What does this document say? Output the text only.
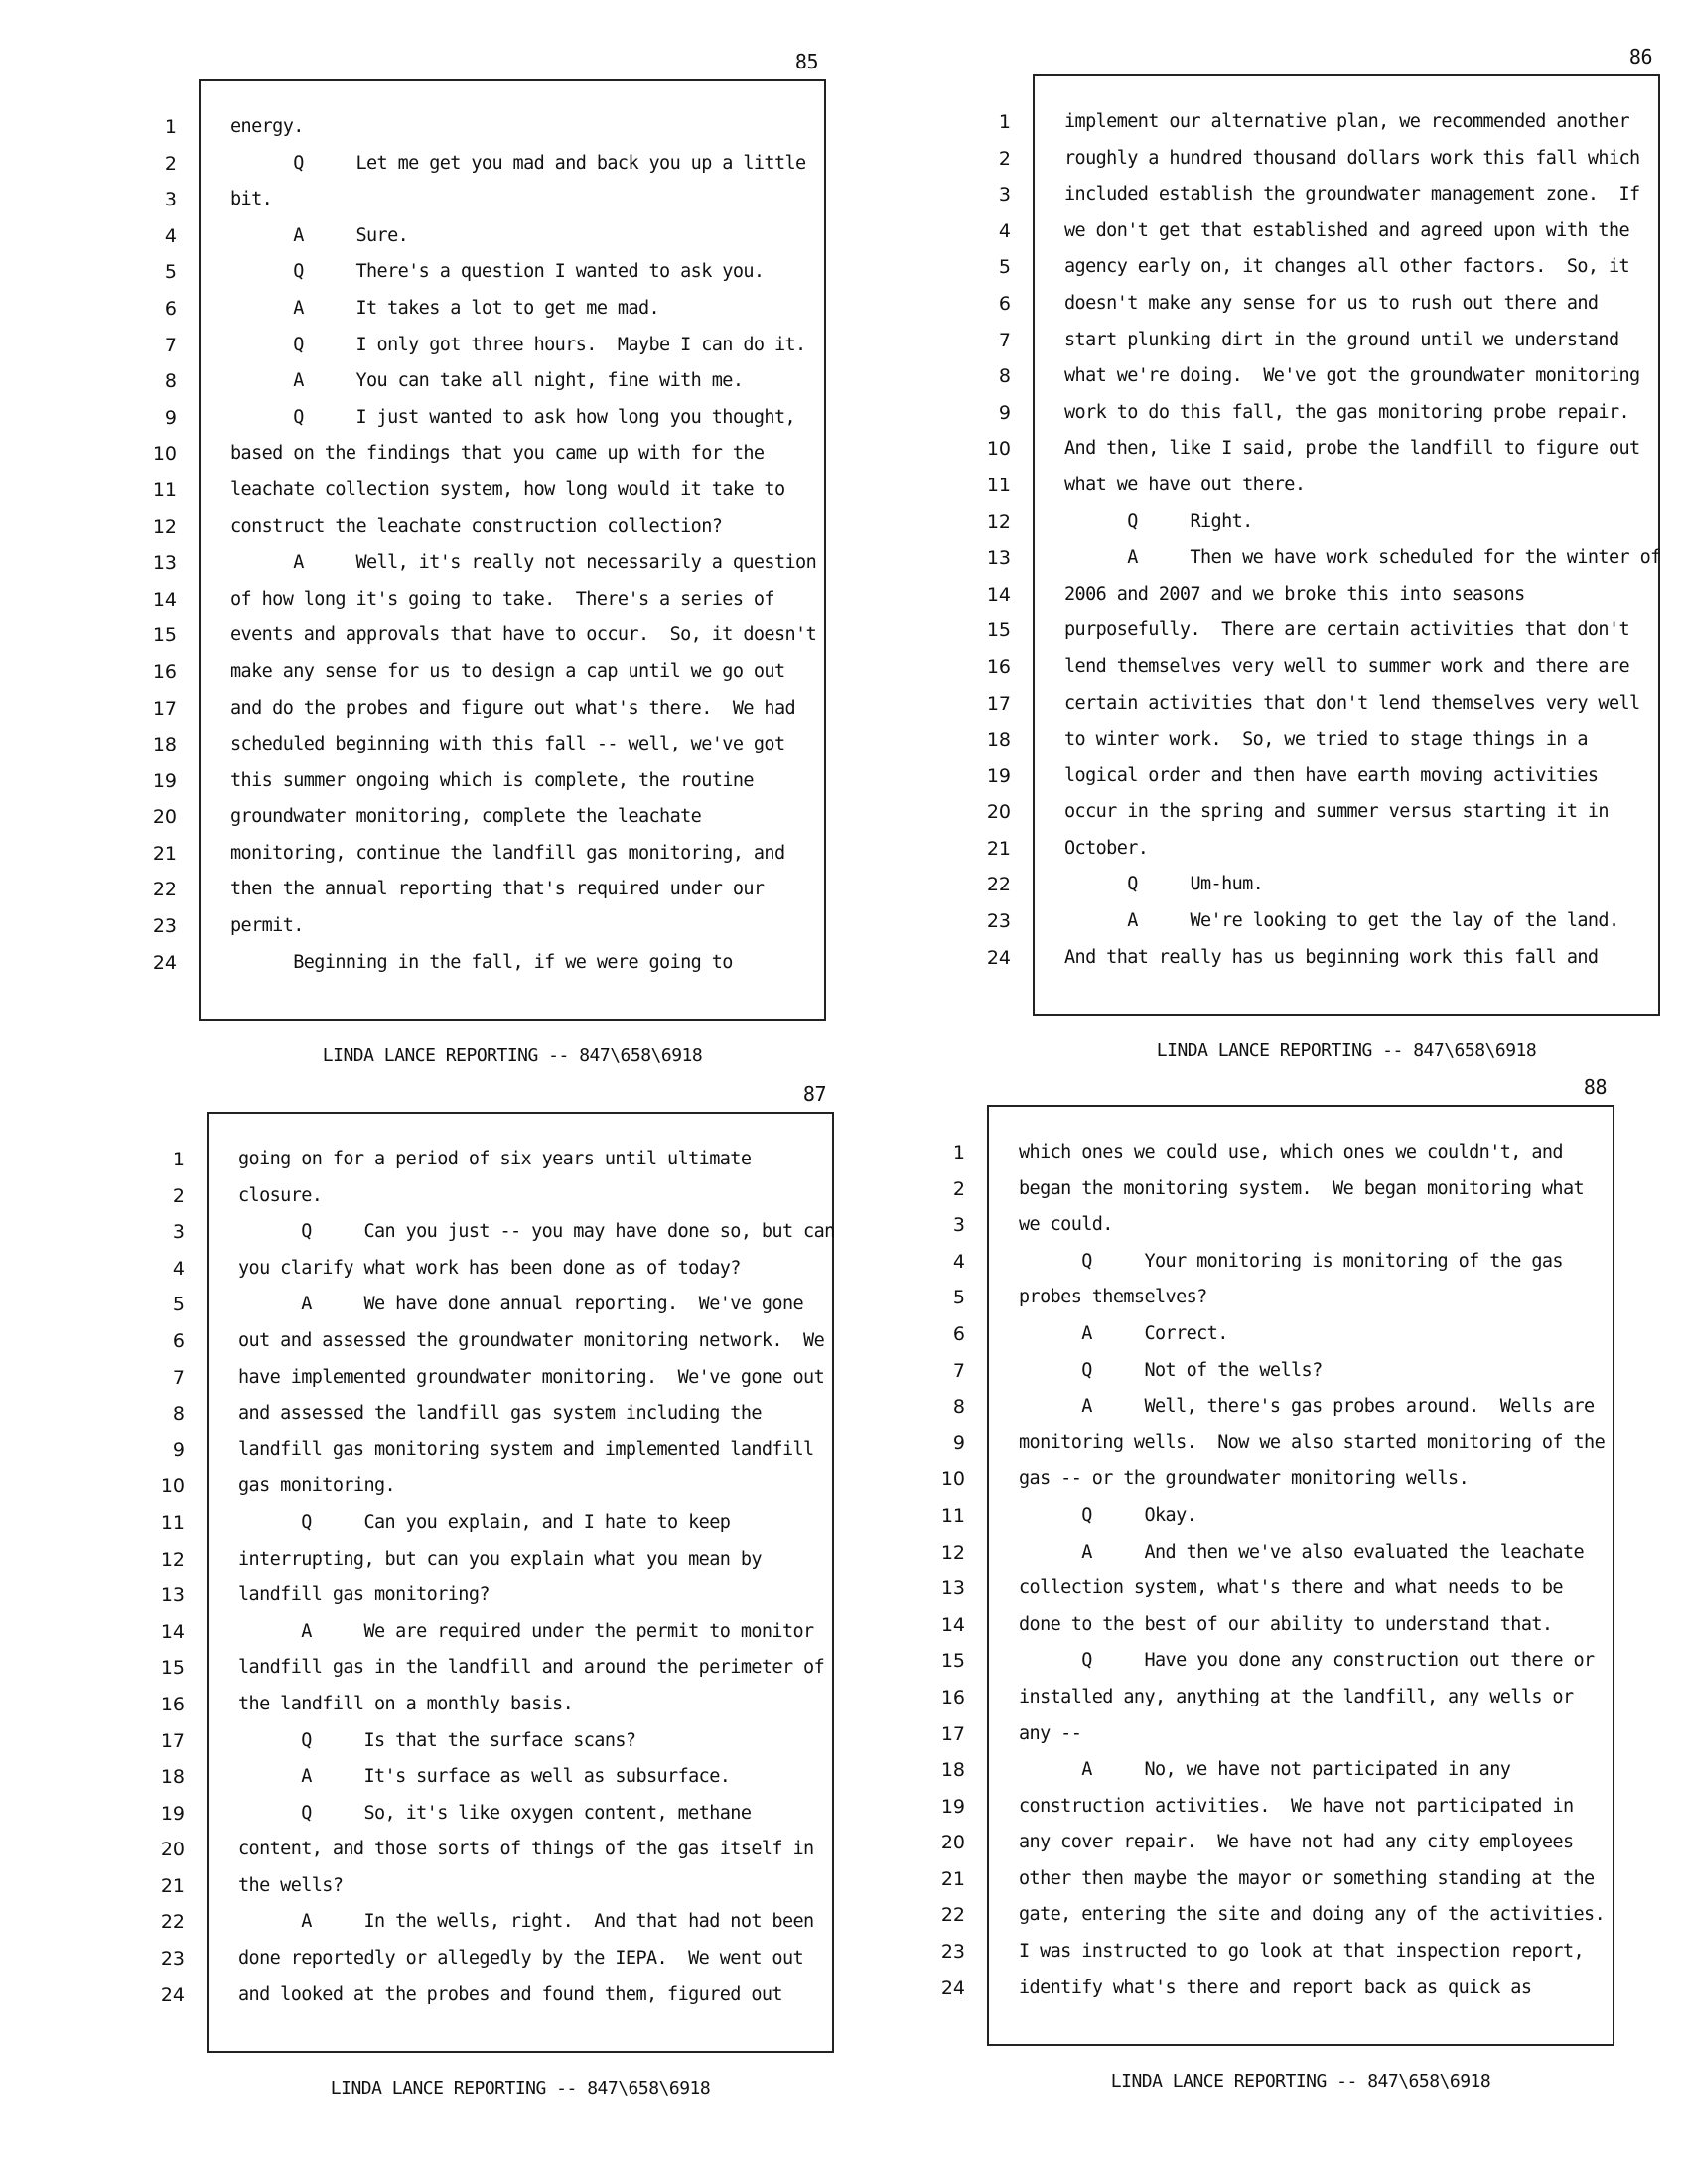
85
1	energy.
2	Q     Let me get you mad and back you up a little
3	bit.
4	A     Sure.
5	Q     There's a question I wanted to ask you.
6	A     It takes a lot to get me mad.
7	Q     I only got three hours.  Maybe I can do it.
8	A     You can take all night, fine with me.
9	Q     I just wanted to ask how long you thought,
10	based on the findings that you came up with for the
11	leachate collection system, how long would it take to
12	construct the leachate construction collection?
13	A     Well, it's really not necessarily a question
14	of how long it's going to take.  There's a series of
15	events and approvals that have to occur.  So, it doesn't
16	make any sense for us to design a cap until we go out
17	and do the probes and figure out what's there.  We had
18	scheduled beginning with this fall -- well, we've got
19	this summer ongoing which is complete, the routine
20	groundwater monitoring, complete the leachate
21	monitoring, continue the landfill gas monitoring, and
22	then the annual reporting that's required under our
23	permit.
24	Beginning in the fall, if we were going to
LINDA LANCE REPORTING -- 847\658\6918
86
1	implement our alternative plan, we recommended another
2	roughly a hundred thousand dollars work this fall which
3	included establish the groundwater management zone.  If
4	we don't get that established and agreed upon with the
5	agency early on, it changes all other factors.  So, it
6	doesn't make any sense for us to rush out there and
7	start plunking dirt in the ground until we understand
8	what we're doing.  We've got the groundwater monitoring
9	work to do this fall, the gas monitoring probe repair.
10	And then, like I said, probe the landfill to figure out
11	what we have out there.
12	Q     Right.
13	A     Then we have work scheduled for the winter of
14	2006 and 2007 and we broke this into seasons
15	purposefully.  There are certain activities that don't
16	lend themselves very well to summer work and there are
17	certain activities that don't lend themselves very well
18	to winter work.  So, we tried to stage things in a
19	logical order and then have earth moving activities
20	occur in the spring and summer versus starting it in
21	October.
22	Q     Um-hum.
23	A     We're looking to get the lay of the land.
24	And that really has us beginning work this fall and
LINDA LANCE REPORTING -- 847\658\6918
87
1	going on for a period of six years until ultimate
2	closure.
3	Q     Can you just -- you may have done so, but can
4	you clarify what work has been done as of today?
5	A     We have done annual reporting.  We've gone
6	out and assessed the groundwater monitoring network.  We
7	have implemented groundwater monitoring.  We've gone out
8	and assessed the landfill gas system including the
9	landfill gas monitoring system and implemented landfill
10	gas monitoring.
11	Q     Can you explain, and I hate to keep
12	interrupting, but can you explain what you mean by
13	landfill gas monitoring?
14	A     We are required under the permit to monitor
15	landfill gas in the landfill and around the perimeter of
16	the landfill on a monthly basis.
17	Q     Is that the surface scans?
18	A     It's surface as well as subsurface.
19	Q     So, it's like oxygen content, methane
20	content, and those sorts of things of the gas itself in
21	the wells?
22	A     In the wells, right.  And that had not been
23	done reportedly or allegedly by the IEPA.  We went out
24	and looked at the probes and found them, figured out
LINDA LANCE REPORTING -- 847\658\6918
88
1	which ones we could use, which ones we couldn't, and
2	began the monitoring system.  We began monitoring what
3	we could.
4	Q     Your monitoring is monitoring of the gas
5	probes themselves?
6	A     Correct.
7	Q     Not of the wells?
8	A     Well, there's gas probes around.  Wells are
9	monitoring wells.  Now we also started monitoring of the
10	gas -- or the groundwater monitoring wells.
11	Q     Okay.
12	A     And then we've also evaluated the leachate
13	collection system, what's there and what needs to be
14	done to the best of our ability to understand that.
15	Q     Have you done any construction out there or
16	installed any, anything at the landfill, any wells or
17	any --
18	A     No, we have not participated in any
19	construction activities.  We have not participated in
20	any cover repair.  We have not had any city employees
21	other then maybe the mayor or something standing at the
22	gate, entering the site and doing any of the activities.
23	I was instructed to go look at that inspection report,
24	identify what's there and report back as quick as
LINDA LANCE REPORTING -- 847\658\6918
